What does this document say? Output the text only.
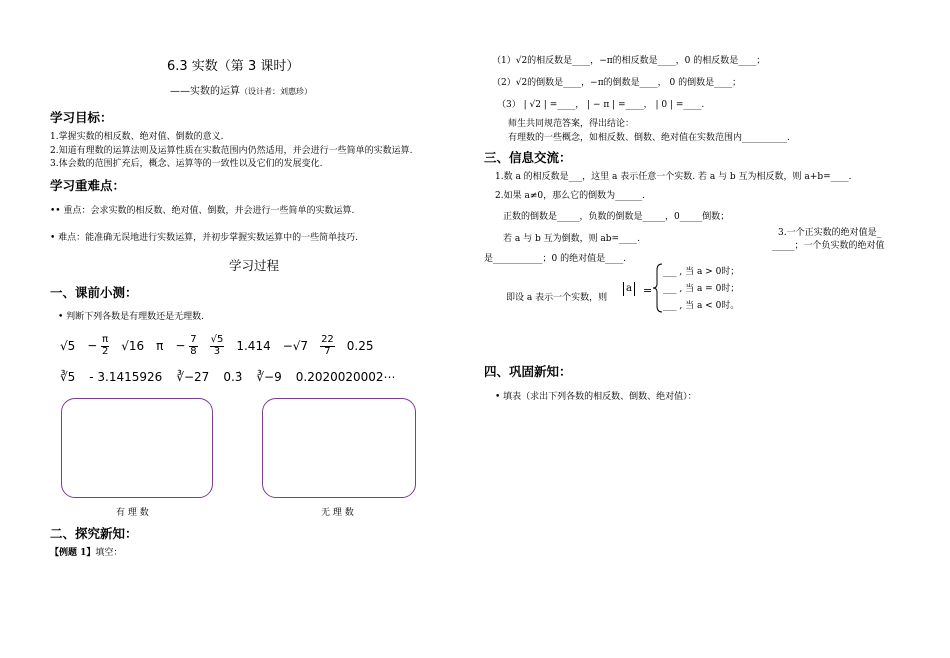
6.3 实数（第 3 课时）
——实数的运算（设计者：刘惠珍）
学习目标：
1.掌握实数的相反数、绝对值、倒数的意义.
2.知道有理数的运算法则及运算性质在实数范围内仍然适用，并会进行一些简单的实数运算.
3.体会数的范围扩充后，概念、运算等的一致性以及它们的发展变化.
学习重难点：
•• 重点：会求实数的相反数、绝对值、倒数，并会进行一些简单的实数运算.
• 难点：能准确无误地进行实数运算，并初步掌握实数运算中的一些简单技巧.
学习过程
一、课前小测：
• 判断下列各数是有理数还是无理数.
$√5 - \frac{\pi}{2} √16$ $\pi - \frac{7}{8} \frac{√5}{3} 1.414 -√7 \frac{22}{7}$ 0.25̇
∛5 - 3.1415926 ∛−27 0.3̇ ∛−9 0.2020020002⋯
有 理 数	无 理 数
二、探究新知：
【例题 1】填空：
（1）√2的相反数是____，−π的相反数是____，0 的相反数是____；
（2）√2的倒数是____，−π的倒数是____， 0 的倒数是____；
（3） | √2 | =____， | − π | =____， | 0 | =____.
师生共同规范答案，得出结论：
有理数的一些概念，如相反数、倒数、绝对值在实数范围内__________.
三、信息交流：
1.数 a 的相反数是___，这里 a 表示任意一个实数. 若 a 与 b 互为相反数，则 a+b=____.
2.如果 a≠0，那么它的倒数为______.
正数的倒数是_____，负数的倒数是_____，0_____倒数；
若 a 与 b 互为倒数，则 ab=____.
3.一个正实数的绝对值是_
_____；一个负实数的绝对值
是___________；0 的绝对值是____.
即设 a 表示一个实数，则
a =
___ , 当 a > 0时；
___ , 当 a = 0时；
___ , 当 a < 0时。
四、巩固新知：
• 填表（求出下列各数的相反数、倒数、绝对值）：
